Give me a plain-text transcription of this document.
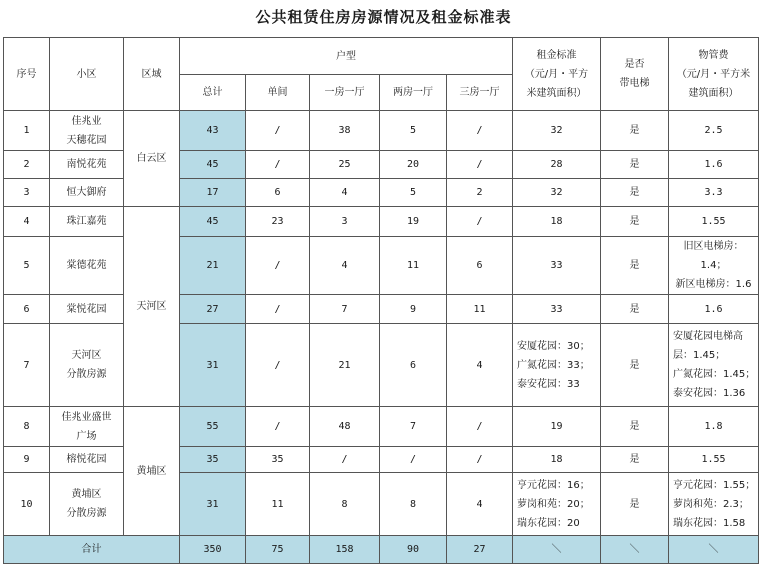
公共租赁住房房源情况及租金标准表
序号	小区	区域	户型					租金标准
（元/月・平方
米建筑面积）	是否
带电梯	物管费
（元/月・平方米
建筑面积）

			总计	单间	一房一厅	两房一厅	三房一厅			
1	佳兆业
天穗花园	白云区	43	/	38	5	/	32	是	2.5
2	南悦花苑		45	/	25	20	/	28	是	1.6
3	恒大御府		17	6	4	5	2	32	是	3.3
4	珠江嘉苑	天河区	45	23	3	19	/	18	是	1.55
5	棠德花苑		21	/	4	11	6	33	是	旧区电梯房：1.4；
新区电梯房：1.6

6	棠悦花园		27	/	7	9	11	33	是	1.6
7	天河区
分散房源		31	/	21	6	4	安厦花园：30；
广氮花园：33；
泰安花园：33	是	安厦花园电梯高
层：1.45；
广氮花园：1.45；
泰安花园：1.36

8	佳兆业盛世
广场	黄埔区	55	/	48	7	/	19	是	1.8
9	榕悦花园		35	35	/	/	/	18	是	1.55
10	黄埔区
分散房源		31	11	8	8	4	亨元花园：16；
萝岗和苑：20；
瑞东花园：20	是	亨元花园：1.55；
萝岗和苑：2.3；
瑞东花园：1.58

合计			350	75	158	90	27	＼	＼	＼
